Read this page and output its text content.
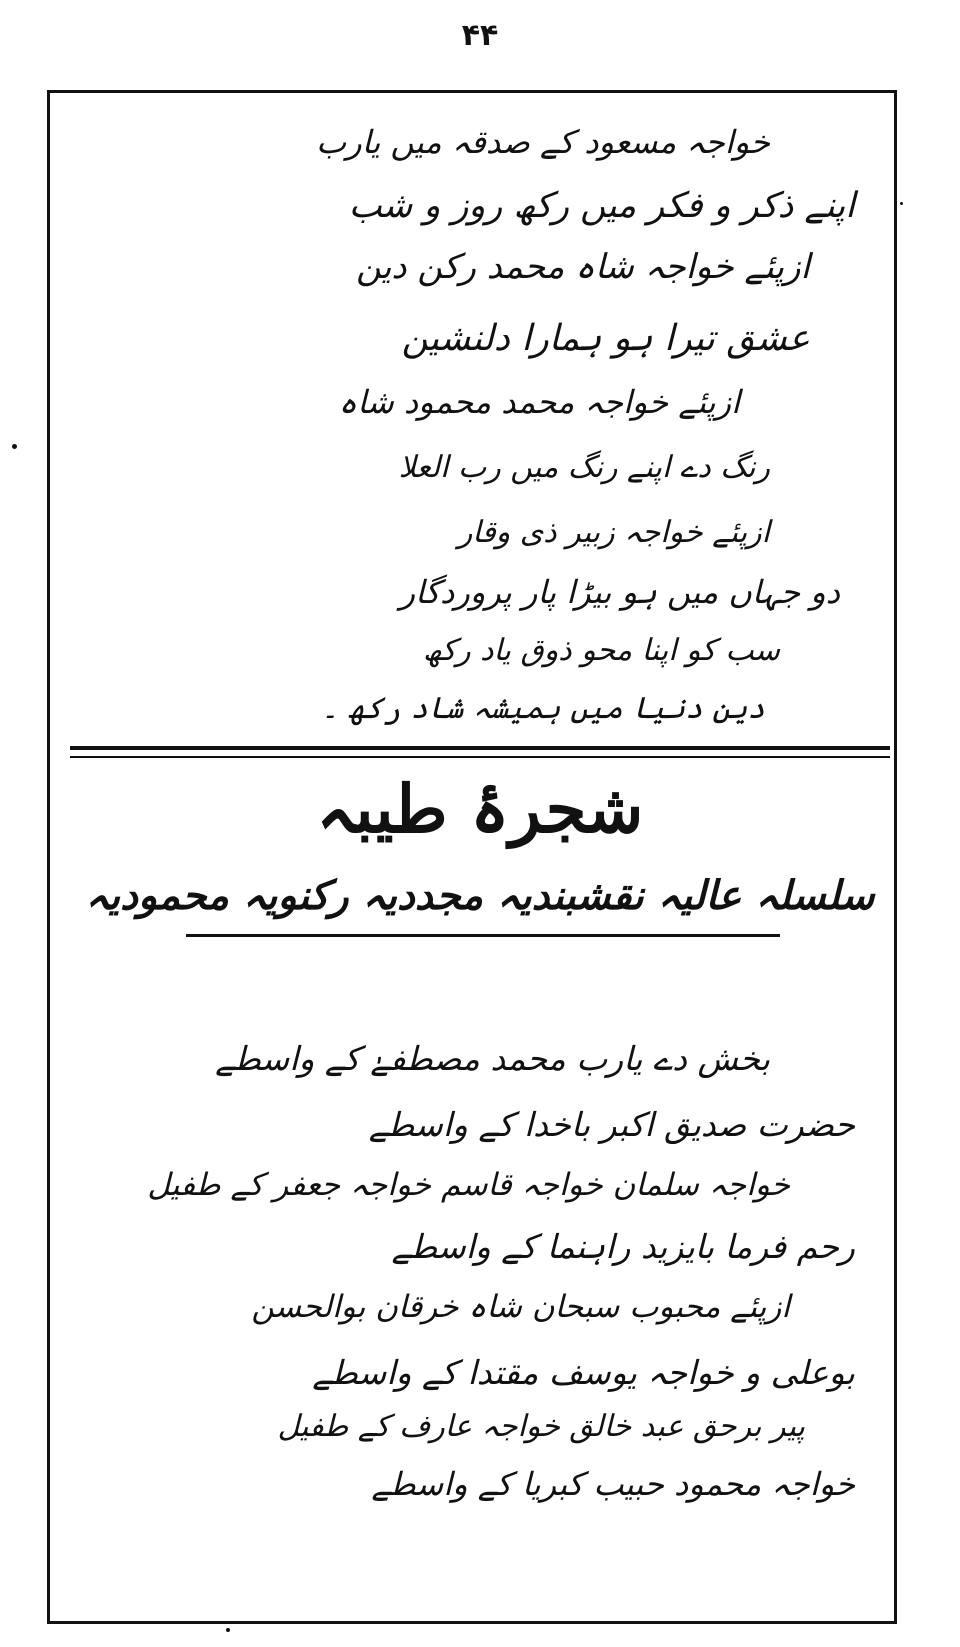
۴۴
خواجہ مسعود کے صدقہ میں یارب
اپنے ذکر و فکر میں رکھ روز و شب
ازپئے خواجہ شاہ محمد رکن دین
عشق تیرا ہو ہمارا دلنشین
ازپئے خواجہ محمد محمود شاہ
رنگ دے اپنے رنگ میں رب العلا
ازپئے خواجہ زبیر ذی وقار
دو جہاں میں ہو بیڑا پار پروردگار
سب کو اپنا محو ذوق یاد رکھ
دین دنیا میں ہمیشہ شاد رکھ ۔
شجرۂ طیبہ
سلسلہ عالیہ نقشبندیہ مجددیہ رکنویہ محمودیہ
بخش دے یارب محمد مصطفےٰ کے واسطے
حضرت صدیق اکبر باخدا کے واسطے
خواجہ سلمان خواجہ قاسم خواجہ جعفر کے طفیل
رحم فرما بایزید راہنما کے واسطے
ازپئے محبوب سبحان شاہ خرقان بوالحسن
بوعلی و خواجہ یوسف مقتدا کے واسطے
پیر برحق عبد خالق خواجہ عارف کے طفیل
خواجہ محمود حبیب کبریا کے واسطے
